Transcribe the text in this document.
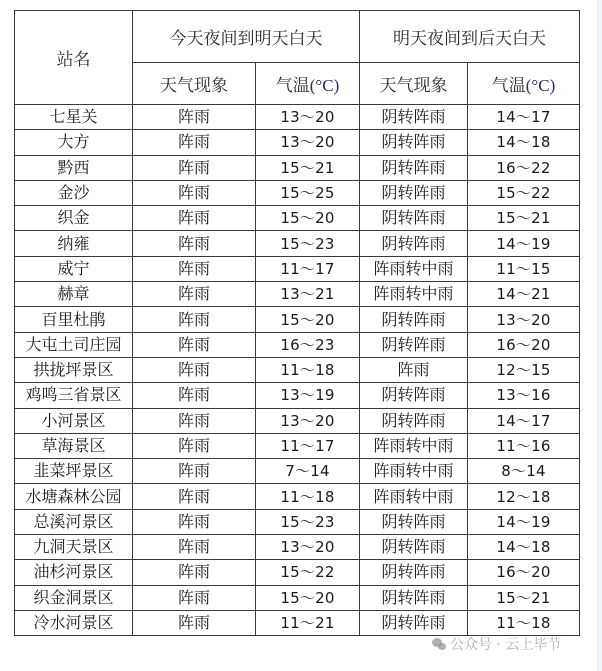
站名	今天夜间到明天白天		明天夜间到后天白天	
	天气现象	气温(°C)	天气现象	气温(°C)
七星关	阵雨	13～20	阴转阵雨	14～17
大方	阵雨	13～20	阴转阵雨	14～18
黔西	阵雨	15～21	阴转阵雨	16～22
金沙	阵雨	15～25	阴转阵雨	15～22
织金	阵雨	15～20	阴转阵雨	15～21
纳雍	阵雨	15～23	阴转阵雨	14～19
威宁	阵雨	11～17	阵雨转中雨	11～15
赫章	阵雨	13～21	阵雨转中雨	14～21
百里杜鹃	阵雨	15～20	阴转阵雨	13～20
大屯土司庄园	阵雨	16～23	阴转阵雨	16～20
拱拢坪景区	阵雨	11～18	阵雨	12～15
鸡鸣三省景区	阵雨	13～19	阴转阵雨	13～16
小河景区	阵雨	13～20	阴转阵雨	14～17
草海景区	阵雨	11～17	阵雨转中雨	11～16
韭菜坪景区	阵雨	7～14	阵雨转中雨	8～14
水塘森林公园	阵雨	11～18	阵雨转中雨	12～18
总溪河景区	阵雨	15～23	阴转阵雨	14～19
九洞天景区	阵雨	13～20	阴转阵雨	14～18
油杉河景区	阵雨	15～22	阴转阵雨	16～20
织金洞景区	阵雨	15～20	阴转阵雨	15～21
冷水河景区	阵雨	11～21	阴转阵雨	11～18
公众号 · 云上毕节
